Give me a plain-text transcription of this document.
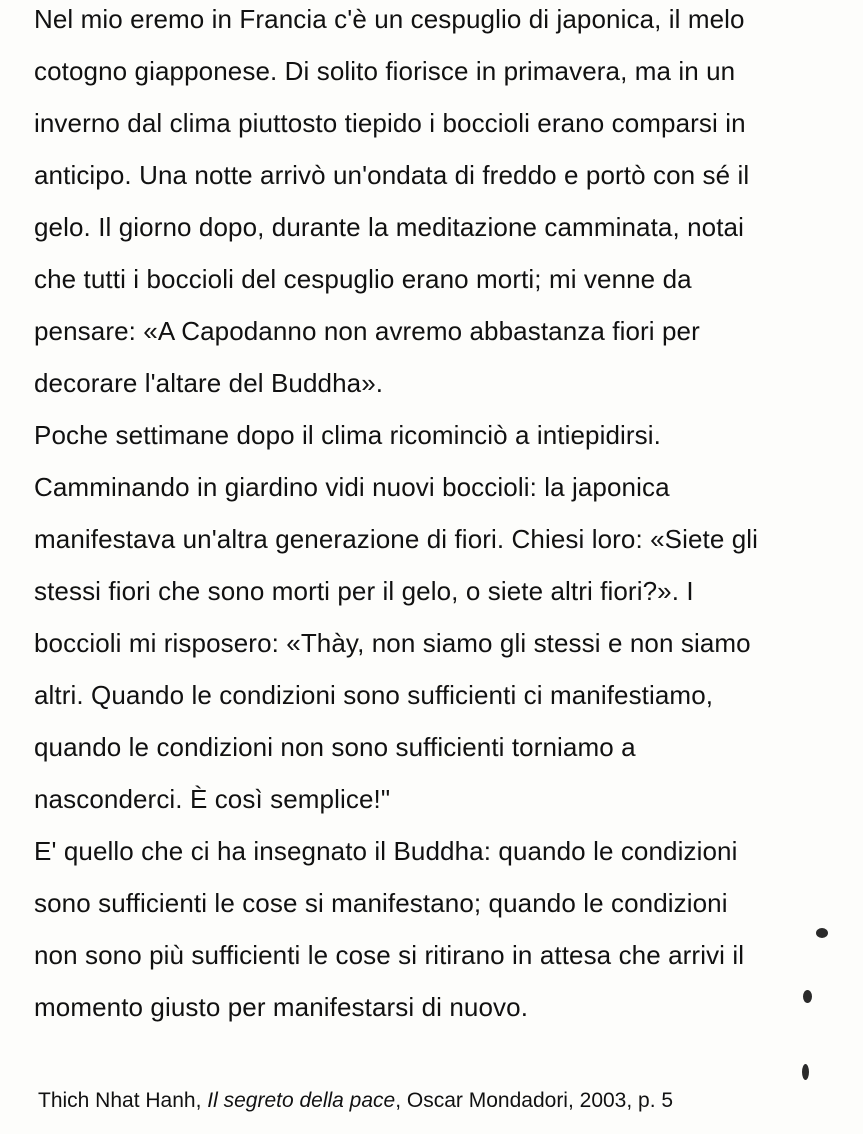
Nel mio eremo in Francia c'è un cespuglio di japonica, il melo
cotogno giapponese. Di solito fiorisce in primavera, ma in un
inverno dal clima piuttosto tiepido i boccioli erano comparsi in
anticipo. Una notte arrivò un'ondata di freddo e portò con sé il
gelo. Il giorno dopo, durante la meditazione camminata, notai
che tutti i boccioli del cespuglio erano morti; mi venne da
pensare: «A Capodanno non avremo abbastanza fiori per
decorare l'altare del Buddha».
Poche settimane dopo il clima ricominciò a intiepidirsi.
Camminando in giardino vidi nuovi boccioli: la japonica
manifestava un'altra generazione di fiori. Chiesi loro: «Siete gli
stessi fiori che sono morti per il gelo, o siete altri fiori?». I
boccioli mi risposero: «Thày, non siamo gli stessi e non siamo
altri. Quando le condizioni sono sufficienti ci manifestiamo,
quando le condizioni non sono sufficienti torniamo a
nasconderci. È così semplice!"
E' quello che ci ha insegnato il Buddha: quando le condizioni
sono sufficienti le cose si manifestano; quando le condizioni
non sono più sufficienti le cose si ritirano in attesa che arrivi il
momento giusto per manifestarsi di nuovo.
Thich Nhat Hanh, Il segreto della pace, Oscar Mondadori, 2003, p. 5
